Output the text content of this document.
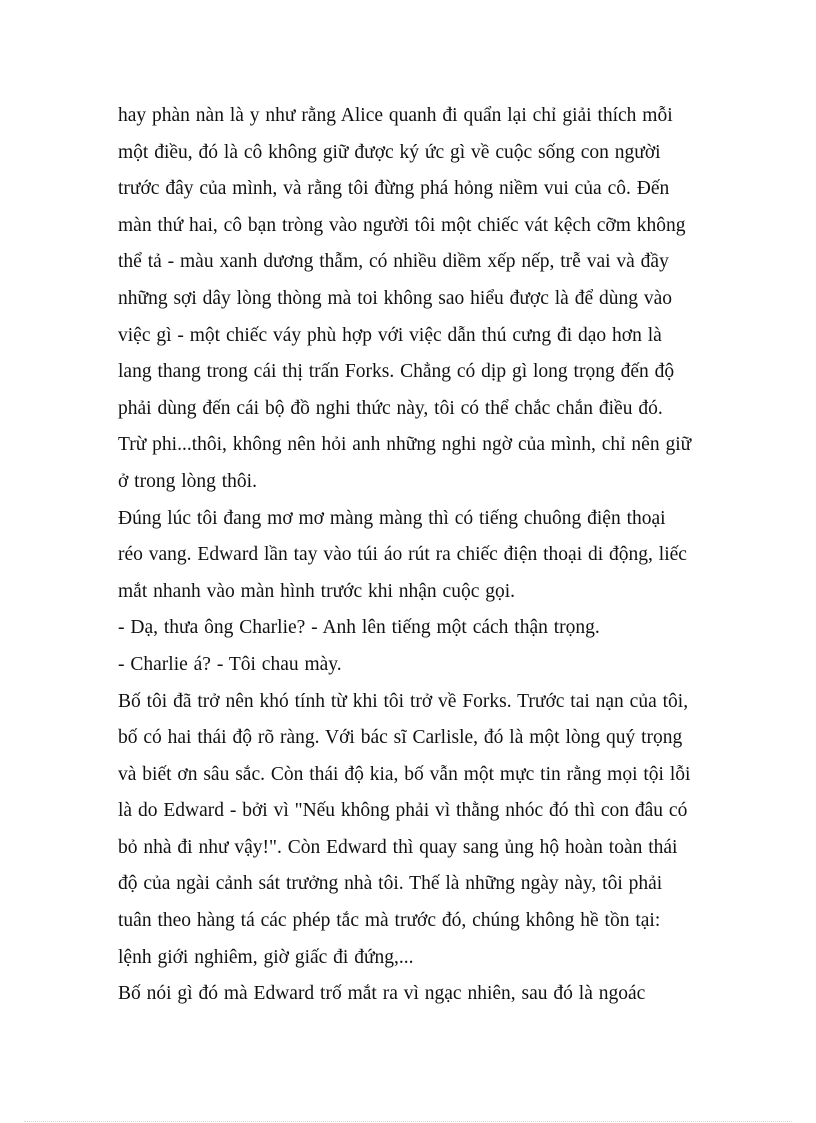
hay phàn nàn là y như rằng Alice quanh đi quẩn lại chỉ giải thích mỗi
một điều, đó là cô không giữ được ký ức gì về cuộc sống con người
trước đây của mình, và rằng tôi đừng phá hỏng niềm vui của cô. Đến
màn thứ hai, cô bạn tròng vào người tôi một chiếc vát kệch cỡm không
thể tả - màu xanh dương thẫm, có nhiều diềm xếp nếp, trễ vai và đầy
những sợi dây lòng thòng mà toi không sao hiểu được là để dùng vào
việc gì - một chiếc váy phù hợp với việc dẫn thú cưng đi dạo hơn là
lang thang trong cái thị trấn Forks. Chẳng có dịp gì long trọng đến độ
phải dùng đến cái bộ đồ nghi thức này, tôi có thể chắc chắn điều đó.
Trừ phi...thôi, không nên hỏi anh những nghi ngờ của mình, chỉ nên giữ
ở trong lòng thôi.
Đúng lúc tôi đang mơ mơ màng màng thì có tiếng chuông điện thoại
réo vang. Edward lần tay vào túi áo rút ra chiếc điện thoại di động, liếc
mắt nhanh vào màn hình trước khi nhận cuộc gọi.
- Dạ, thưa ông Charlie? - Anh lên tiếng một cách thận trọng.
- Charlie á? - Tôi chau mày.
Bố tôi đã trở nên khó tính từ khi tôi trở về Forks. Trước tai nạn của tôi,
bố có hai thái độ rõ ràng. Với bác sĩ Carlisle, đó là một lòng quý trọng
và biết ơn sâu sắc. Còn thái độ kia, bố vẫn một mực tin rằng mọi tội lỗi
là do Edward - bởi vì "Nếu không phải vì thằng nhóc đó thì con đâu có
bỏ nhà đi như vậy!". Còn Edward thì quay sang ủng hộ hoàn toàn thái
độ của ngài cảnh sát trưởng nhà tôi. Thế là những ngày này, tôi phải
tuân theo hàng tá các phép tắc mà trước đó, chúng không hề tồn tại:
lệnh giới nghiêm, giờ giấc đi đứng,...
Bố nói gì đó mà Edward trố mắt ra vì ngạc nhiên, sau đó là ngoác
